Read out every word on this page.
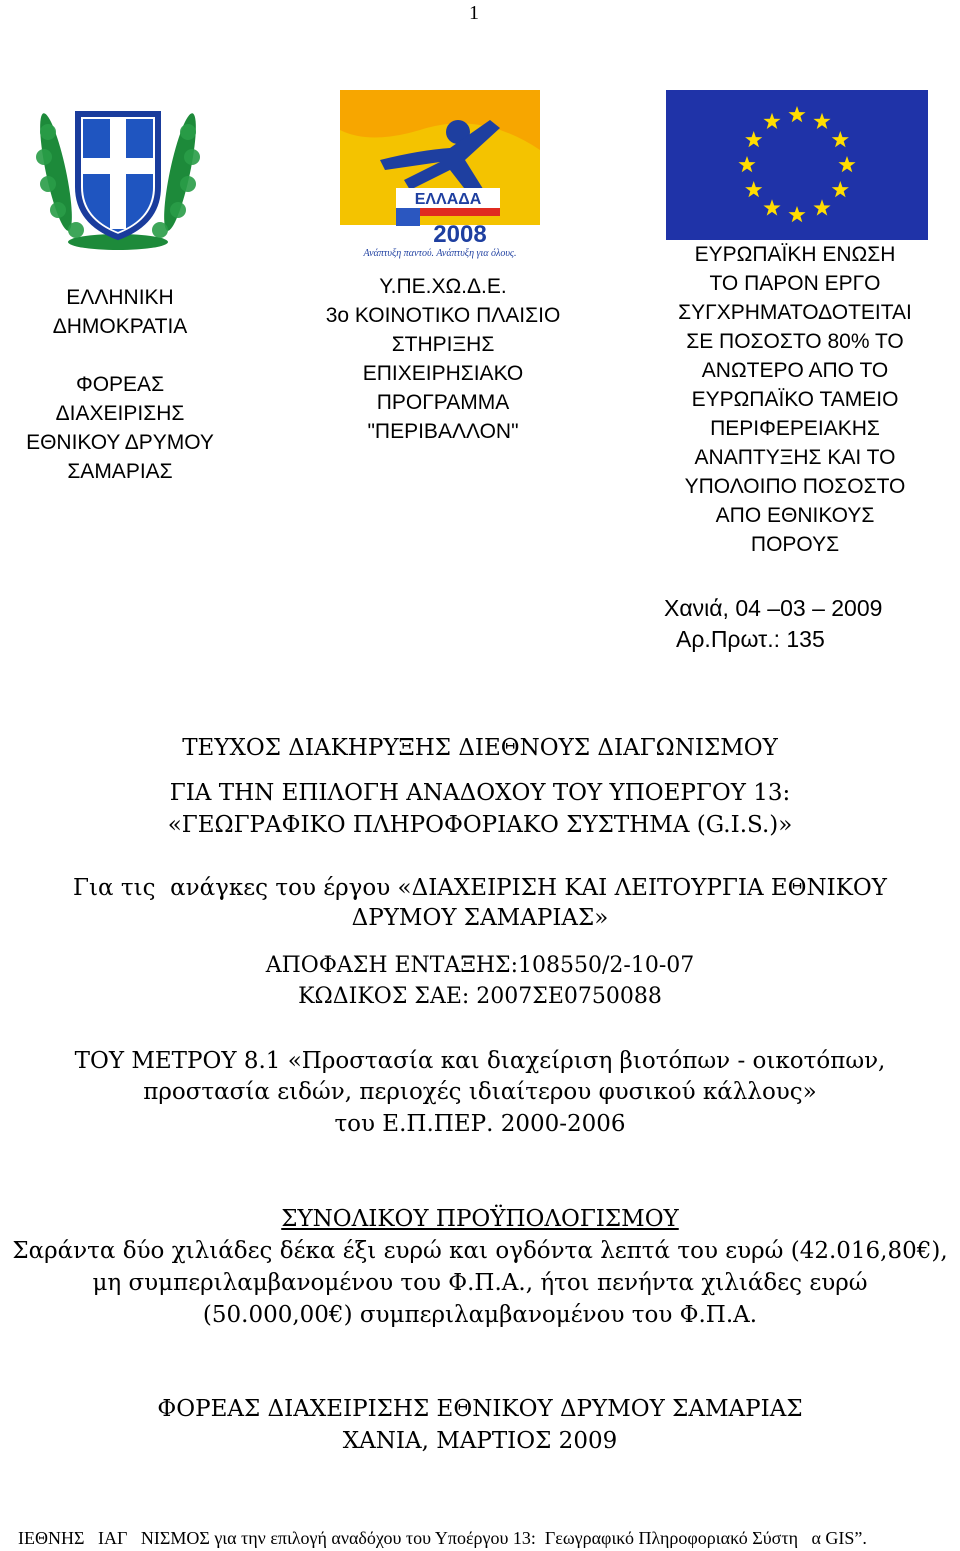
1
ΕΛΛΑΔΑ
2008
Ανάπτυξη παντού. Ανάπτυξη για όλους.
ΕΛΛΗΝΙΚΗ
ΔΗΜΟΚΡΑΤΙΑ
ΦΟΡΕΑΣ
ΔΙΑΧΕΙΡΙΣΗΣ
ΕΘΝΙΚΟΥ ΔΡΥΜΟΥ
ΣΑΜΑΡΙΑΣ
Υ.ΠΕ.ΧΩ.Δ.Ε.
3ο ΚΟΙΝΟΤΙΚΟ ΠΛΑΙΣΙΟ
ΣΤΗΡΙΞΗΣ
ΕΠΙΧΕΙΡΗΣΙΑΚΟ
ΠΡΟΓΡΑΜΜΑ
"ΠΕΡΙΒΑΛΛΟΝ"
ΕΥΡΩΠΑΪΚΗ ΕΝΩΣΗ
ΤΟ ΠΑΡΟΝ ΕΡΓΟ
ΣΥΓΧΡΗΜΑΤΟΔΟΤΕΙΤΑΙ
ΣΕ ΠΟΣΟΣΤΟ 80% ΤΟ
ΑΝΩΤΕΡΟ ΑΠΟ ΤΟ
ΕΥΡΩΠΑΪΚΟ ΤΑΜΕΙΟ
ΠΕΡΙΦΕΡΕΙΑΚΗΣ
ΑΝΑΠΤΥΞΗΣ ΚΑΙ ΤΟ
ΥΠΟΛΟΙΠΟ ΠΟΣΟΣΤΟ
ΑΠΟ ΕΘΝΙΚΟΥΣ
ΠΟΡΟΥΣ
Χανιά, 04 –03 – 2009
Αρ.Πρωτ.: 135
ΤΕΥΧΟΣ ΔΙΑΚΗΡΥΞΗΣ ΔΙΕΘΝΟΥΣ ΔΙΑΓΩΝΙΣΜΟΥ
ΓΙΑ ΤΗΝ ΕΠΙΛΟΓΗ ΑΝΑΔΟΧΟΥ ΤΟΥ ΥΠΟΕΡΓΟΥ 13:
«ΓΕΩΓΡΑΦΙΚΟ ΠΛΗΡΟΦΟΡΙΑΚΟ ΣΥΣΤΗΜΑ (G.I.S.)»
Για τις  ανάγκες του έργου «ΔΙΑΧΕΙΡΙΣΗ ΚΑΙ ΛΕΙΤΟΥΡΓΙΑ ΕΘΝΙΚΟΥ
ΔΡΥΜΟΥ ΣΑΜΑΡΙΑΣ»
ΑΠΟΦΑΣΗ ΕΝΤΑΞΗΣ:108550/2-10-07
ΚΩΔΙΚΟΣ ΣΑΕ: 2007ΣΕ0750088
ΤΟΥ ΜΕΤΡΟΥ 8.1 «Προστασία και διαχείριση βιοτόπων - οικοτόπων,
προστασία ειδών, περιοχές ιδιαίτερου φυσικού κάλλους»
του Ε.Π.ΠΕΡ. 2000-2006
ΣΥΝΟΛΙΚΟΥ ΠΡΟΫΠΟΛΟΓΙΣΜΟΥ
Σαράντα δύο χιλιάδες δέκα έξι ευρώ και ογδόντα λεπτά του ευρώ (42.016,80€),
μη συμπεριλαμβανομένου του Φ.Π.Α., ήτοι πενήντα χιλιάδες ευρώ
(50.000,00€) συμπεριλαμβανομένου του Φ.Π.Α.
ΦΟΡΕΑΣ ΔΙΑΧΕΙΡΙΣΗΣ ΕΘΝΙΚΟΥ ΔΡΥΜΟΥ ΣΑΜΑΡΙΑΣ
ΧΑΝΙΑ, ΜΑΡΤΙΟΣ 2009
ΙΕΘΝΗΣ   ΙΑΓ   ΝΙΣΜΟΣ για την επιλογή αναδόχου του Υποέργου 13:  Γεωγραφικό Πληροφοριακό Σύστη   α GIS”.
